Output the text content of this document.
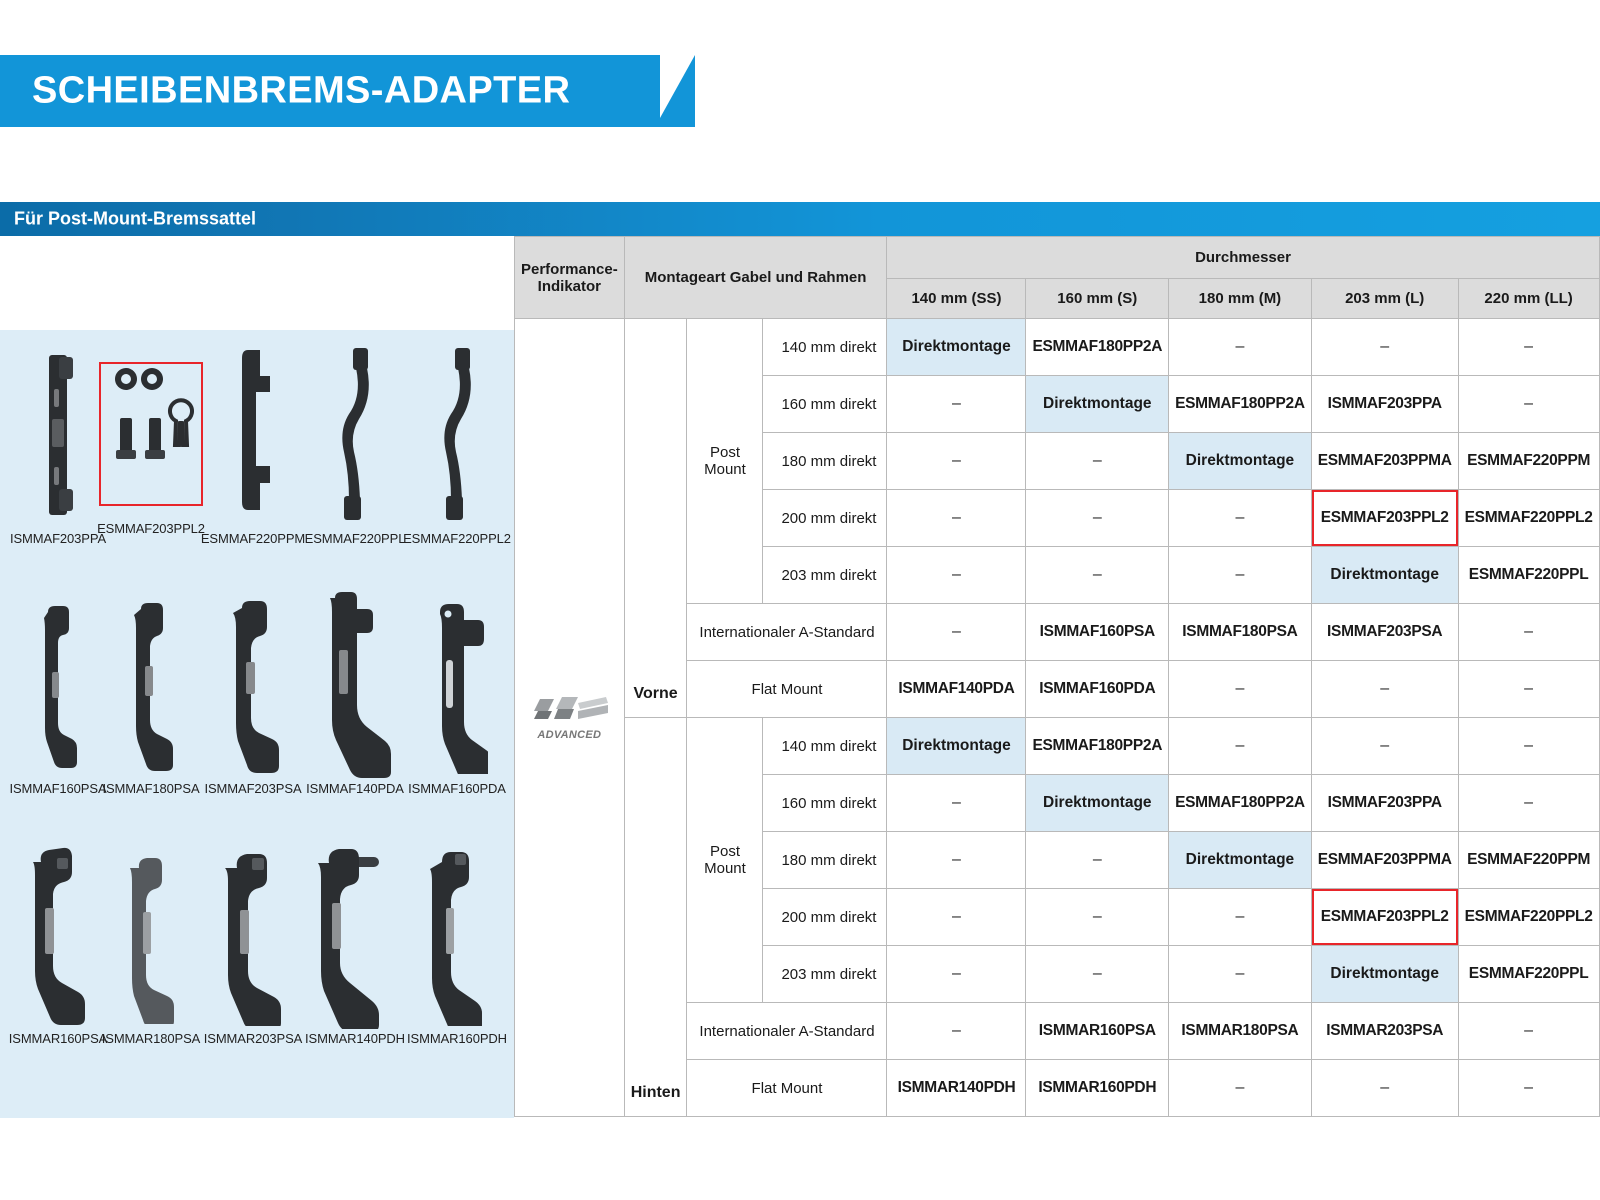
SCHEIBENBREMS-ADAPTER
Für Post-Mount-Bremssattel
ISMMAF203PPA
ESMMAF203PPL2
ESMMAF220PPM ESMMAF220PPL
ESMMAF220PPL2
ISMMAF160PSA
ISMMAF180PSA ISMMAF203PSA ISMMAF140PDA ISMMAF160PDA
ISMMAR160PSA
ISMMAR180PSA ISMMAR203PSA ISMMAR140PDH ISMMAR160PDH
Performance-Indikator	Montageart Gabel und Rahmen			Durchmesser				
				140 mm (SS)	160 mm (S)	180 mm (M)	203 mm (L)	220 mm (LL)

ADVANCED	Vorne	Post
Mount	140 mm direkt	Direktmontage	ESMMAF180PP2A	–	–	–
			160 mm direkt	–	Direktmontage	ESMMAF180PP2A	ISMMAF203PPA	–
			180 mm direkt	–	–	Direktmontage	ESMMAF203PPMA	ESMMAF220PPM
			200 mm direkt	–	–	–	ESMMAF203PPL2	ESMMAF220PPL2
			203 mm direkt	–	–	–	Direktmontage	ESMMAF220PPL
		Internationaler A-Standard		–	ISMMAF160PSA	ISMMAF180PSA	ISMMAF203PSA	–
		Flat Mount		ISMMAF140PDA	ISMMAF160PDA	–	–	–
	Hinten	Post
Mount	140 mm direkt	Direktmontage	ESMMAF180PP2A	–	–	–
			160 mm direkt	–	Direktmontage	ESMMAF180PP2A	ISMMAF203PPA	–
			180 mm direkt	–	–	Direktmontage	ESMMAF203PPMA	ESMMAF220PPM
			200 mm direkt	–	–	–	ESMMAF203PPL2	ESMMAF220PPL2
			203 mm direkt	–	–	–	Direktmontage	ESMMAF220PPL
		Internationaler A-Standard		–	ISMMAR160PSA	ISMMAR180PSA	ISMMAR203PSA	–
		Flat Mount		ISMMAR140PDH	ISMMAR160PDH	–	–	–
